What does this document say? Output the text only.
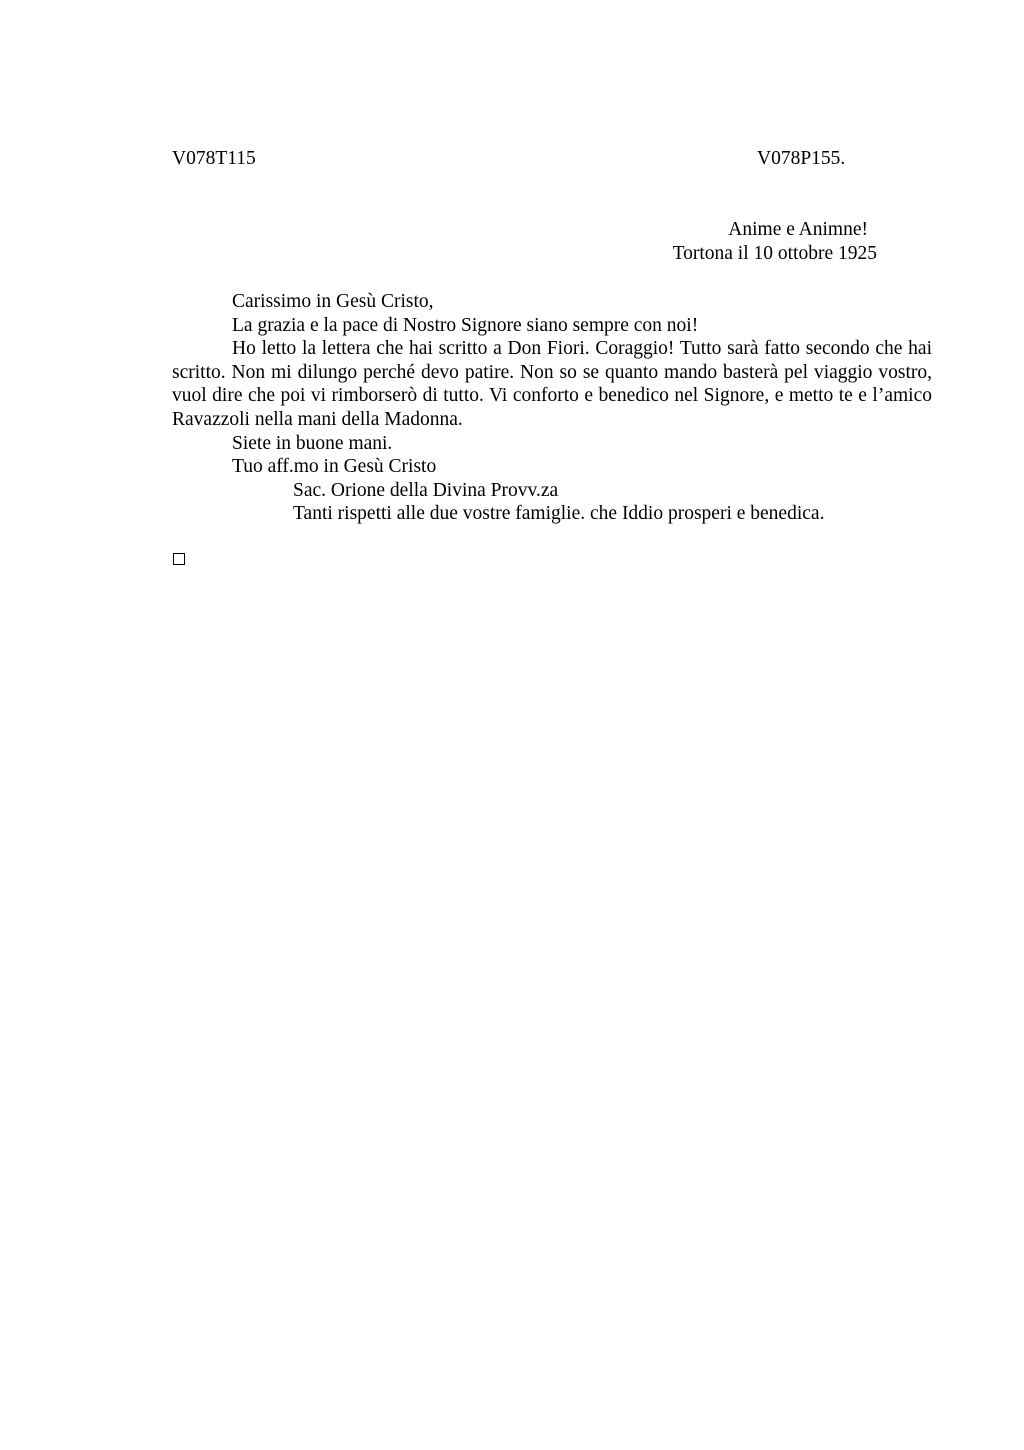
V078T115	V078P155.
Anime e Animne!
Tortona il 10 ottobre 1925

Carissimo in Gesù Cristo,

La grazia e la pace di Nostro Signore siano sempre con noi!

Ho letto la lettera che hai scritto a Don Fiori. Coraggio! Tutto sarà fatto secondo che hai scritto. Non mi dilungo perché devo patire. Non so se quanto mando basterà pel viaggio vostro, vuol dire che poi vi rimborserò di tutto. Vi conforto e benedico nel Signore, e metto te e l’amico Ravazzoli nella mani della Madonna.

Siete in buone mani.

Tuo aff.mo in Gesù Cristo

Sac. Orione della Divina Provv.za

Tanti rispetti alle due vostre famiglie. che Iddio prosperi e benedica.
